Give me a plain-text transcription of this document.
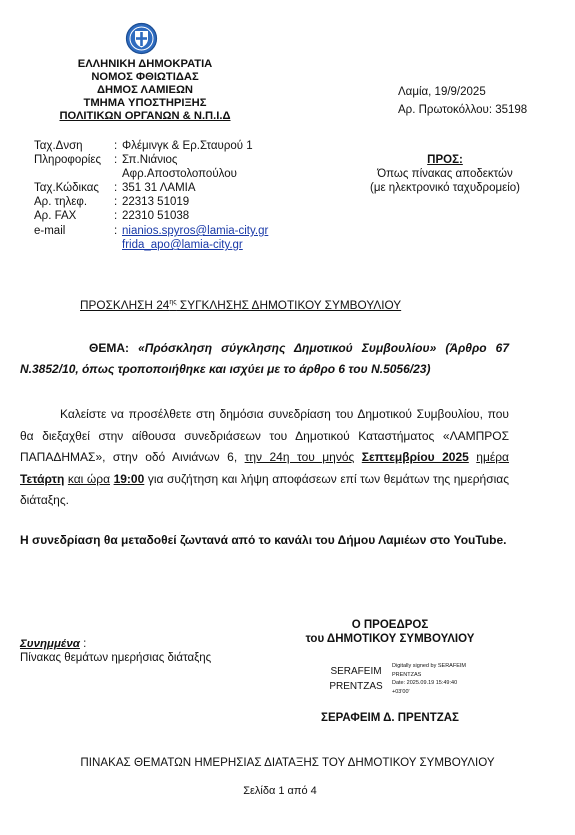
ΕΛΛΗΝΙΚΗ ΔΗΜΟΚΡΑΤΙΑ
ΝΟΜΟΣ ΦΘΙΩΤΙΔΑΣ
ΔΗΜΟΣ ΛΑΜΙΕΩΝ
ΤΜΗΜΑ ΥΠΟΣΤΗΡΙΞΗΣ
ΠΟΛΙΤΙΚΩΝ ΟΡΓΑΝΩΝ & Ν.Π.Ι.Δ
Λαμία, 19/9/2025
Αρ. Πρωτοκόλλου: 35198
Ταχ.Δνση	: Φλέμινγκ & Ερ.Σταυρού 1
Πληροφορίες : Σπ.Νιάνιος
Αφρ.Αποστολοπούλου
Ταχ.Κώδικας : 351 31 ΛΑΜΙΑ
Αρ. τηλεφ. : 22313 51019
Αρ. FAX	: 22310 51038
e-mail	: nianios.spyros@lamia-city.gr
frida_apo@lamia-city.gr
ΠΡΟΣ:
Όπως πίνακας αποδεκτών
(με ηλεκτρονικό ταχυδρομείο)
ΠΡΟΣΚΛΗΣΗ $24^{\eta\varsigma}$ ΣΥΓΚΛΗΣΗΣ ΔΗΜΟΤΙΚΟΥ ΣΥΜΒΟΥΛΙΟΥ
ΘΕΜΑ: «Πρόσκληση σύγκλησης Δημοτικού Συμβουλίου» (Άρθρο 67 Ν.3852/10, όπως τροποποιήθηκε και ισχύει με το άρθρο 6 του Ν.5056/23)
Καλείστε να προσέλθετε στη δημόσια συνεδρίαση του Δημοτικού Συμβουλίου, που θα διεξαχθεί στην αίθουσα συνεδριάσεων του Δημοτικού Καταστήματος «ΛΑΜΠΡΟΣ ΠΑΠΑΔΗΜΑΣ», στην οδό Αινιάνων 6, την 24η του μηνός Σεπτεμβρίου 2025 ημέρα Τετάρτη και ώρα 19:00 για συζήτηση και λήψη αποφάσεων επί των θεμάτων της ημερήσιας διάταξης.
Η συνεδρίαση θα μεταδοθεί ζωντανά από το κανάλι του Δήμου Λαμιέων στο YouTube.
Ο ΠΡΟΕΔΡΟΣ
του ΔΗΜΟΤΙΚΟΥ ΣΥΜΒΟΥΛΙΟΥ
Συνημμένα :
Πίνακας θεμάτων ημερήσιας διάταξης
SERAFEIM
PRENTZAS
Digitally signed by SERAFEIM
PRENTZAS
Date: 2025.09.19 15:49:40
+03'00'
ΣΕΡΑΦΕΙΜ Δ. ΠΡΕΝΤΖΑΣ
ΠΙΝΑΚΑΣ ΘΕΜΑΤΩΝ ΗΜΕΡΗΣΙΑΣ ΔΙΑΤΑΞΗΣ ΤΟΥ ΔΗΜΟΤΙΚΟΥ ΣΥΜΒΟΥΛΙΟΥ
Σελίδα 1 από 4
